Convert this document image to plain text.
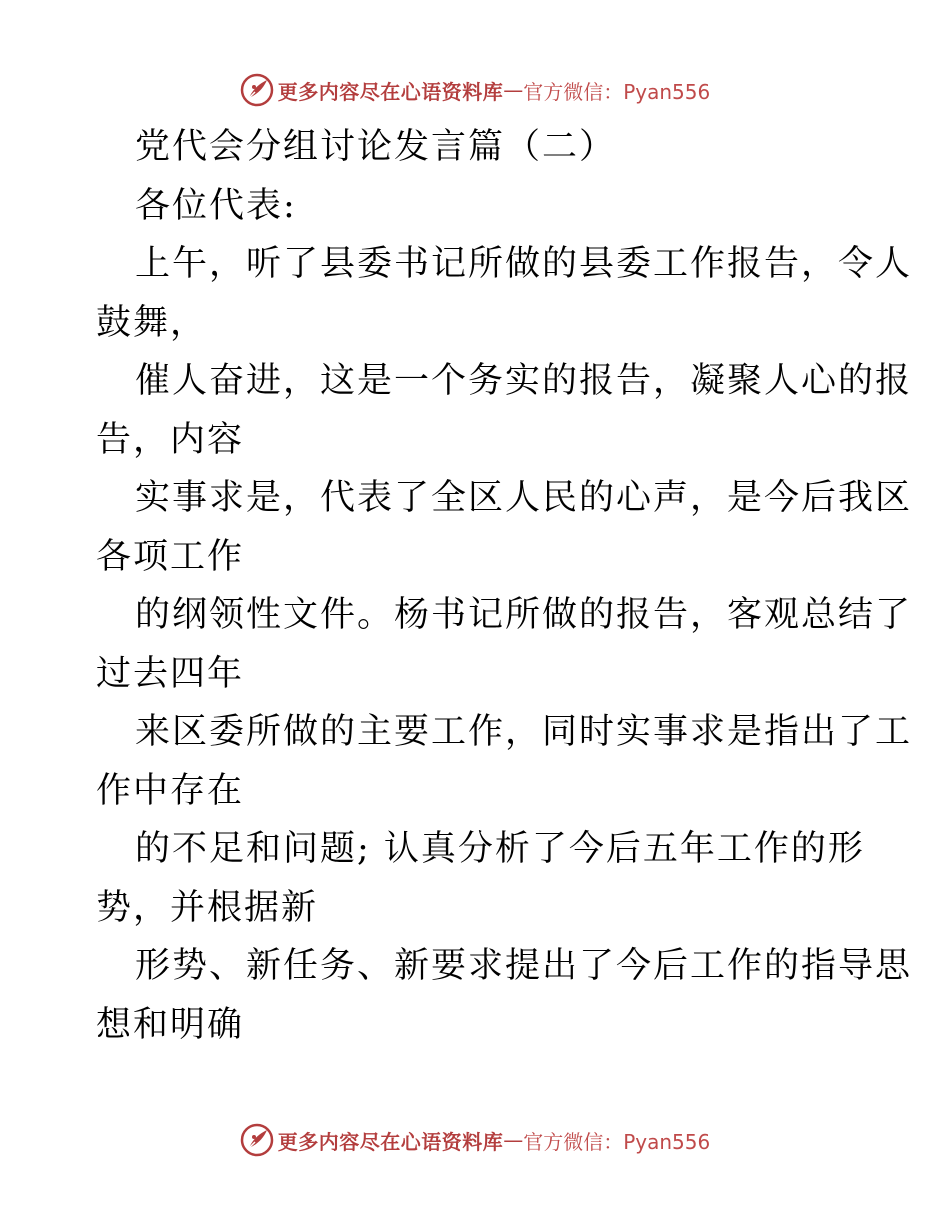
更多内容尽在心语资料库 — 官方微信：Pyan556
党代会分组讨论发言篇（二）
各位代表:
上午，听了县委书记所做的县委工作报告，令人
鼓舞，
催人奋进，这是一个务实的报告，凝聚人心的报
告，内容
实事求是，代表了全区人民的心声，是今后我区
各项工作
的纲领性文件。杨书记所做的报告，客观总结了
过去四年
来区委所做的主要工作，同时实事求是指出了工
作中存在
的不足和问题; 认真分析了今后五年工作的形
势，并根据新
形势、新任务、新要求提出了今后工作的指导思
想和明确
更多内容尽在心语资料库 — 官方微信：Pyan556
